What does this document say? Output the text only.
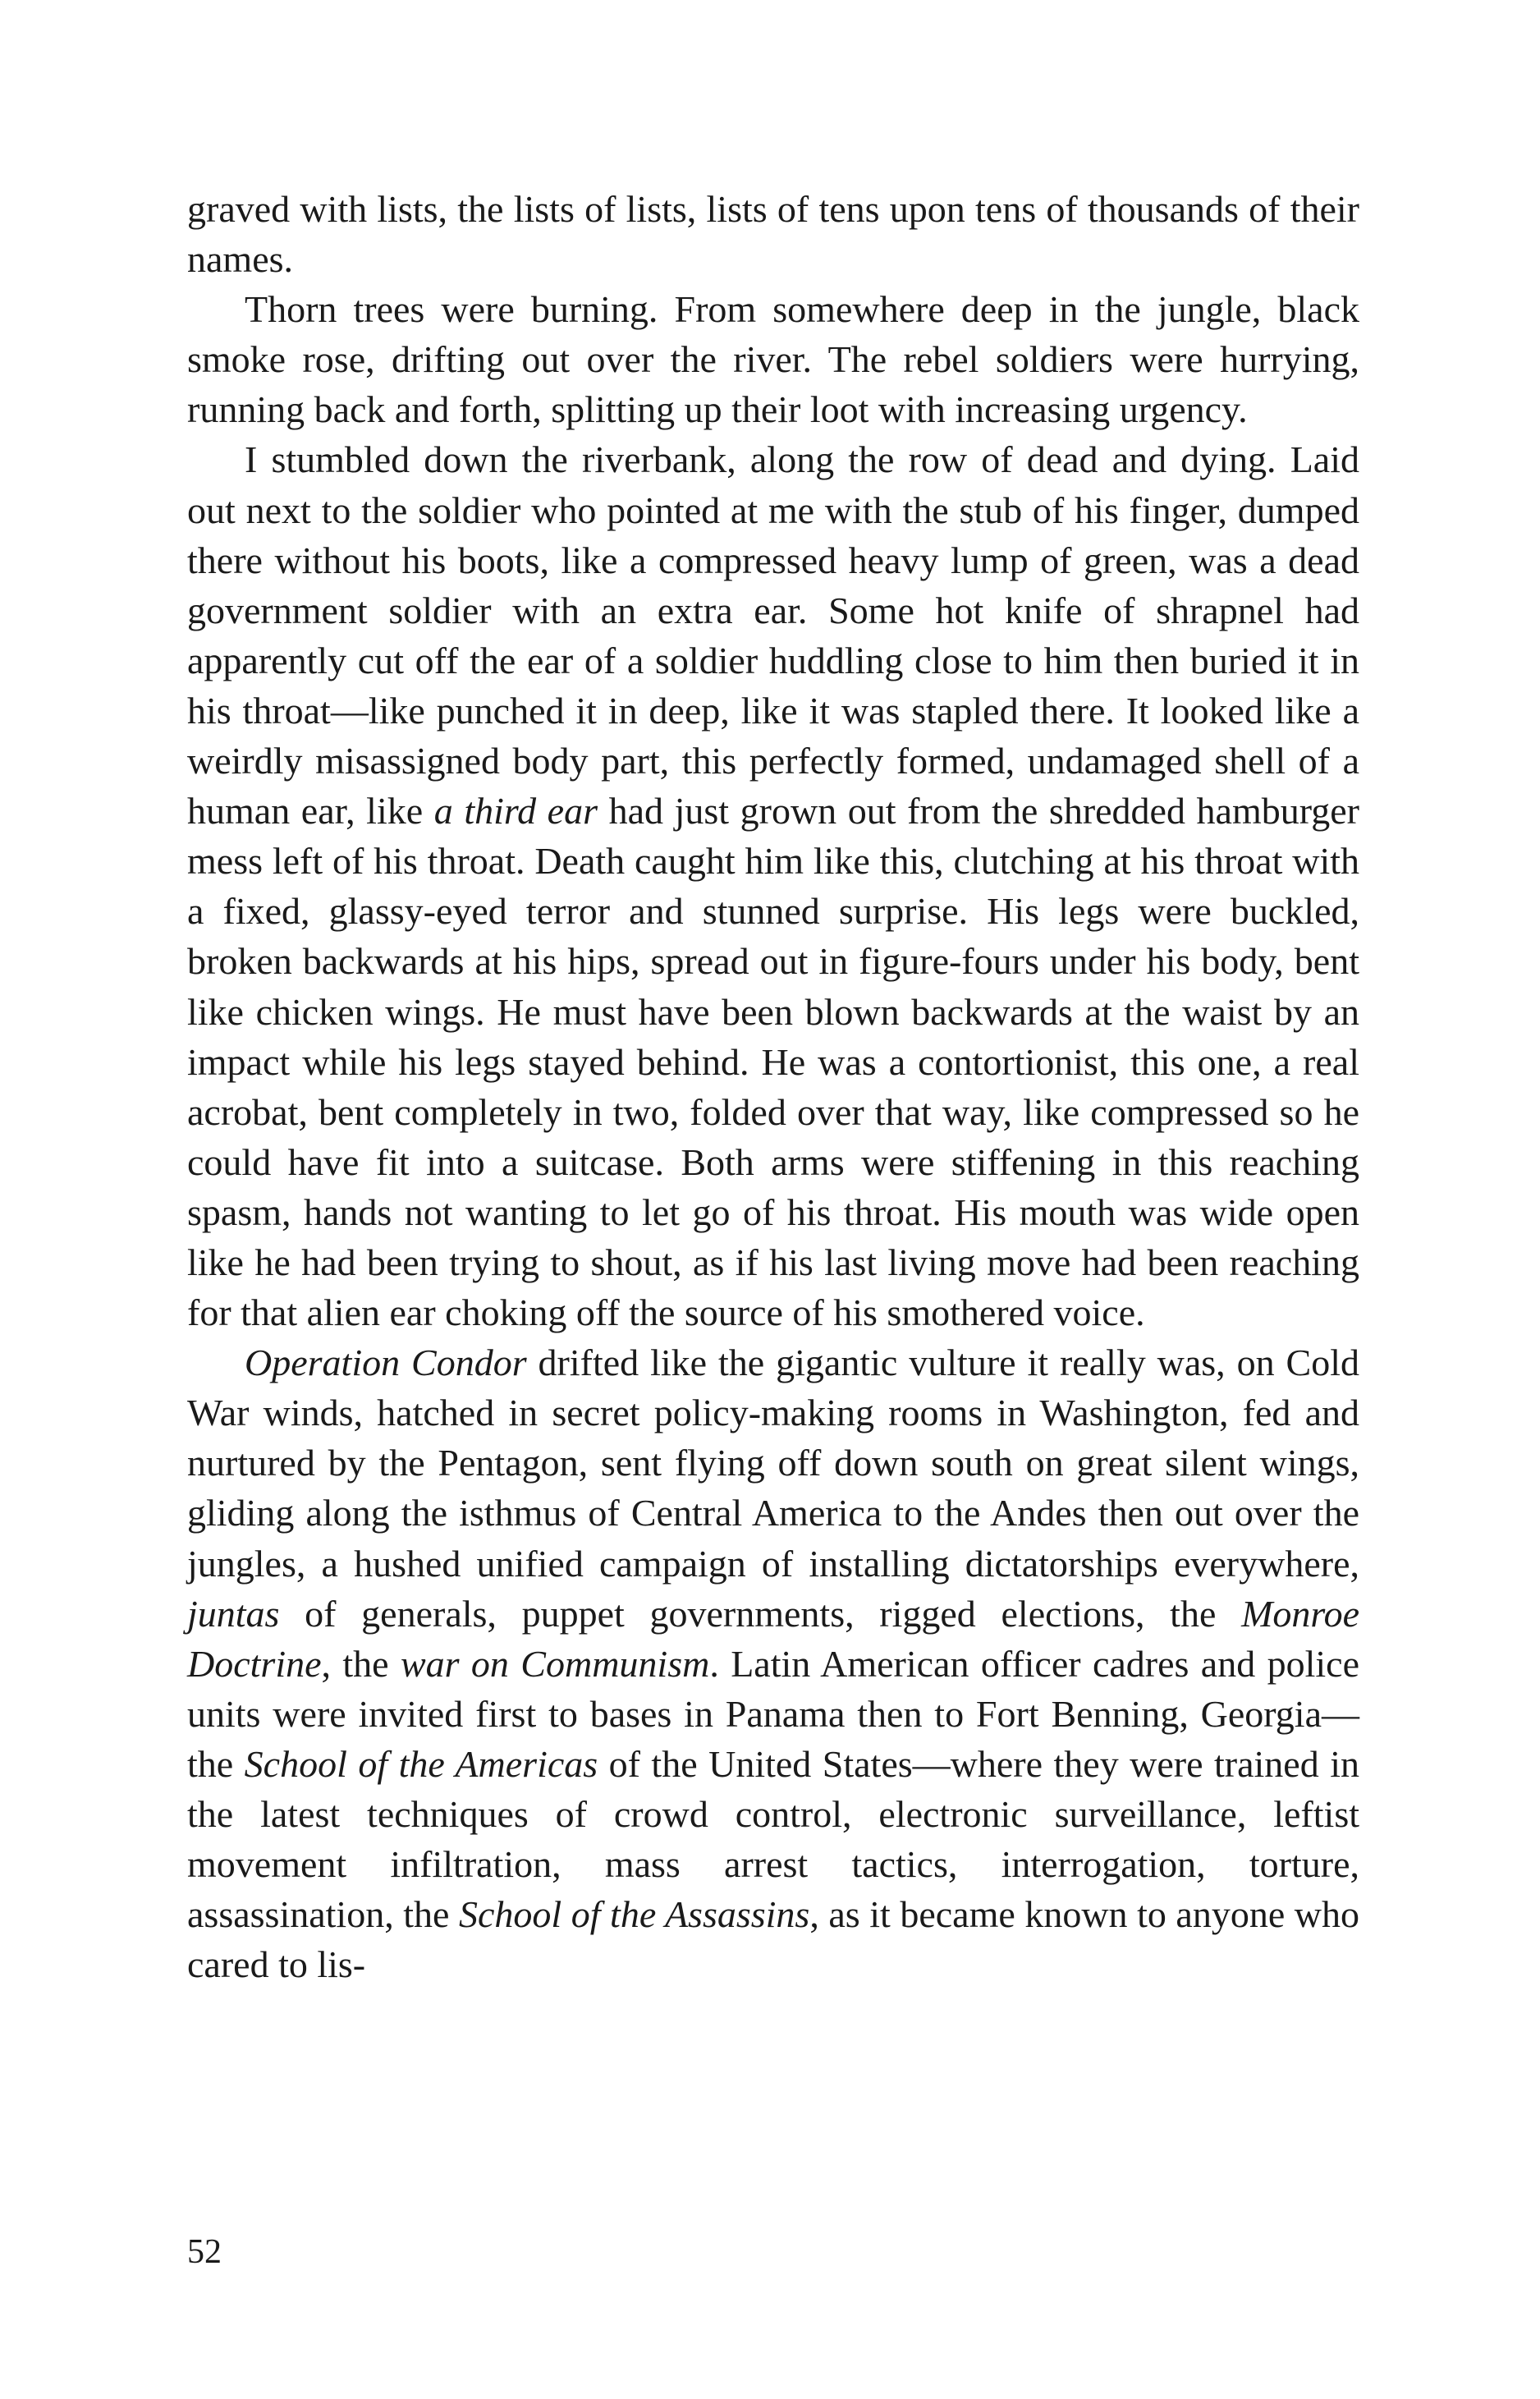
graved with lists, the lists of lists, lists of tens upon tens of thousands of their names.

Thorn trees were burning. From somewhere deep in the jungle, black smoke rose, drifting out over the river. The rebel soldiers were hurrying, running back and forth, splitting up their loot with increasing urgency.

I stumbled down the riverbank, along the row of dead and dying. Laid out next to the soldier who pointed at me with the stub of his finger, dumped there without his boots, like a compressed heavy lump of green, was a dead government soldier with an extra ear. Some hot knife of shrapnel had apparently cut off the ear of a soldier huddling close to him then buried it in his throat—like punched it in deep, like it was stapled there. It looked like a weirdly misassigned body part, this perfectly formed, undamaged shell of a human ear, like a third ear had just grown out from the shredded hamburger mess left of his throat. Death caught him like this, clutching at his throat with a fixed, glassy-eyed terror and stunned surprise. His legs were buckled, broken backwards at his hips, spread out in figure-fours under his body, bent like chicken wings. He must have been blown backwards at the waist by an impact while his legs stayed behind. He was a contortionist, this one, a real acrobat, bent completely in two, folded over that way, like compressed so he could have fit into a suitcase. Both arms were stiffening in this reaching spasm, hands not wanting to let go of his throat. His mouth was wide open like he had been trying to shout, as if his last living move had been reaching for that alien ear choking off the source of his smothered voice.

Operation Condor drifted like the gigantic vulture it really was, on Cold War winds, hatched in secret policy-making rooms in Washington, fed and nurtured by the Pentagon, sent flying off down south on great silent wings, gliding along the isthmus of Central America to the Andes then out over the jungles, a hushed unified campaign of installing dictatorships everywhere, juntas of generals, puppet governments, rigged elections, the Monroe Doctrine, the war on Communism. Latin American officer cadres and police units were invited first to bases in Panama then to Fort Benning, Georgia—the School of the Americas of the United States—where they were trained in the latest techniques of crowd control, electronic surveillance, leftist movement infiltration, mass arrest tactics, interrogation, torture, assassination, the School of the Assassins, as it became known to anyone who cared to lis-

52
